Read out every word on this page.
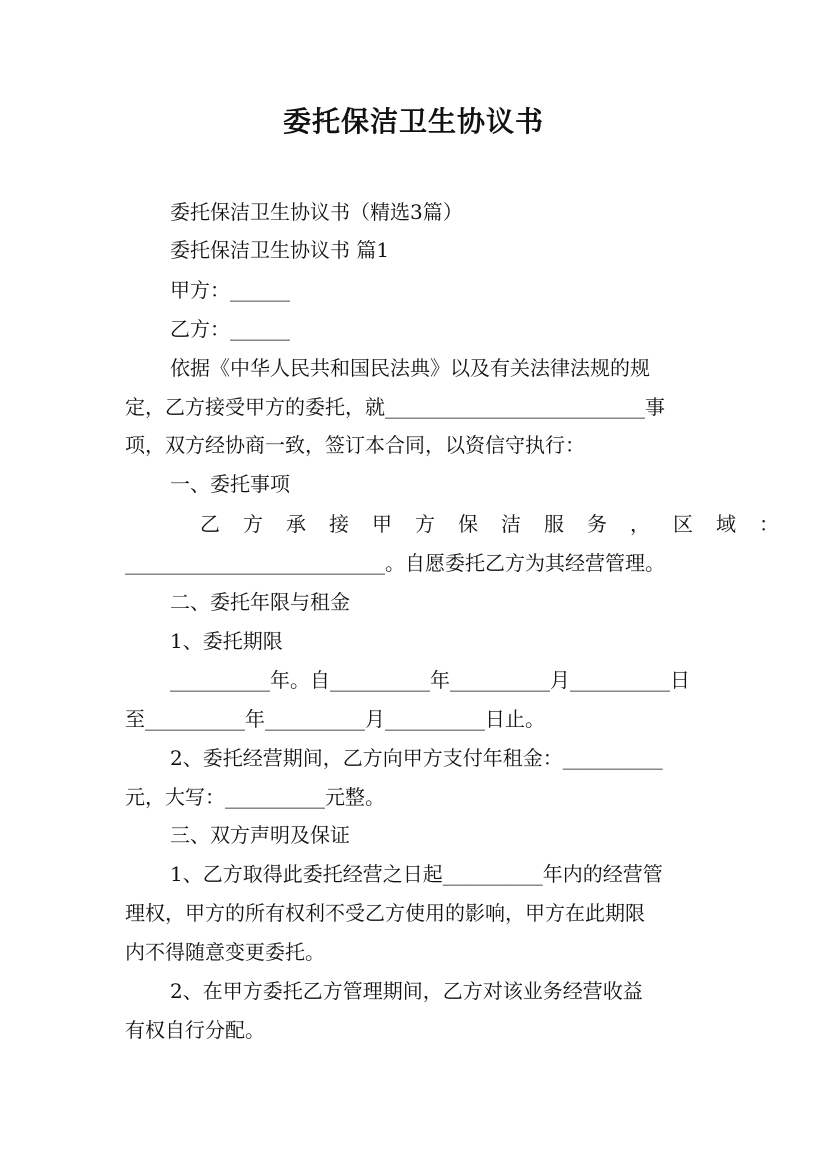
委托保洁卫生协议书
委托保洁卫生协议书（精选3篇）
委托保洁卫生协议书 篇1
甲方：______
乙方：______
依据《中华人民共和国民法典》以及有关法律法规的规
定，乙方接受甲方的委托，就__________________________事
项，双方经协商一致，签订本合同，以资信守执行：
一、委托事项
乙方承接甲方保洁服务，区域：
__________________________。自愿委托乙方为其经营管理。
二、委托年限与租金
1、委托期限
__________年。自__________年__________月__________日
至__________年__________月__________日止。
2、委托经营期间，乙方向甲方支付年租金：__________
元，大写：__________元整。
三、双方声明及保证
1、乙方取得此委托经营之日起__________年内的经营管
理权，甲方的所有权利不受乙方使用的影响，甲方在此期限
内不得随意变更委托。
2、在甲方委托乙方管理期间，乙方对该业务经营收益
有权自行分配。
